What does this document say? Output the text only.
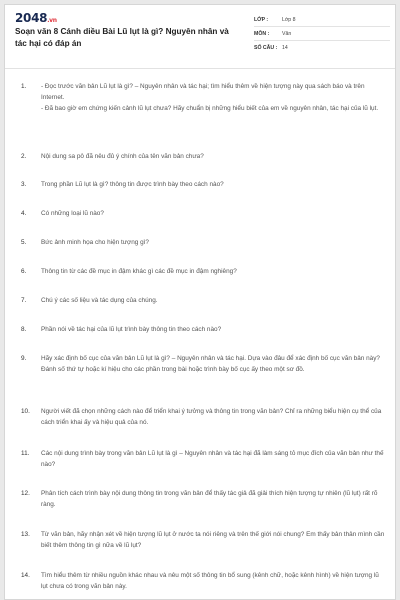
2048.vn
Soạn văn 8 Cánh diều Bài Lũ lụt là gì? Nguyên nhân và tác hại có đáp án
LỚP :	Lớp 8
MÔN :	Văn
SỐ CÂU : 14
1.	- Đọc trước văn bản Lũ lụt là gì? – Nguyên nhân và tác hại; tìm hiểu thêm về hiện tượng này qua sách báo và trên Internet.

- Đã bao giờ em chứng kiến cảnh lũ lụt chưa? Hãy chuẩn bị những hiểu biết của em về nguyên nhân, tác hại của lũ lụt.

2.	Nội dung sa pô đã nêu đủ ý chính của tên văn bản chưa?
3.	Trong phần Lũ lụt là gì? thông tin được trình bày theo cách nào?
4.	Có những loại lũ nào?
5.	Bức ảnh minh họa cho hiện tượng gì?
6.	Thông tin từ các đề mục in đậm khác gì các đề mục in đậm nghiêng?
7.	Chú ý các số liệu và tác dụng của chúng.
8.	Phần nói về tác hại của lũ lụt trình bày thông tin theo cách nào?
9.	Hãy xác định bố cục của văn bản Lũ lụt là gì? – Nguyên nhân và tác hại. Dựa vào đâu để xác định bố cục văn bản này? Đánh số thứ tự hoặc kí hiệu cho các phần trong bài hoặc trình bày bố cục ấy theo một sơ đồ.
10.	Người viết đã chọn những cách nào để triển khai ý tưởng và thông tin trong văn bản? Chỉ ra những biểu hiện cụ thể của cách triển khai ấy và hiệu quả của nó.
11.	Các nội dung trình bày trong văn bản Lũ lụt là gì – Nguyên nhân và tác hại đã làm sáng tỏ mục đích của văn bản như thế nào?
12.	Phân tích cách trình bày nội dung thông tin trong văn bản để thấy tác giả đã giải thích hiện tượng tự nhiên (lũ lụt) rất rõ ràng.
13.	Từ văn bản, hãy nhận xét về hiện tượng lũ lụt ở nước ta nói riêng và trên thế giới nói chung? Em thấy bản thân mình cần biết thêm thông tin gì nữa về lũ lụt?
14.	Tìm hiểu thêm từ nhiều nguồn khác nhau và nêu một số thông tin bổ sung (kênh chữ, hoặc kênh hình) về hiện tượng lũ lụt chưa có trong văn bản này.
